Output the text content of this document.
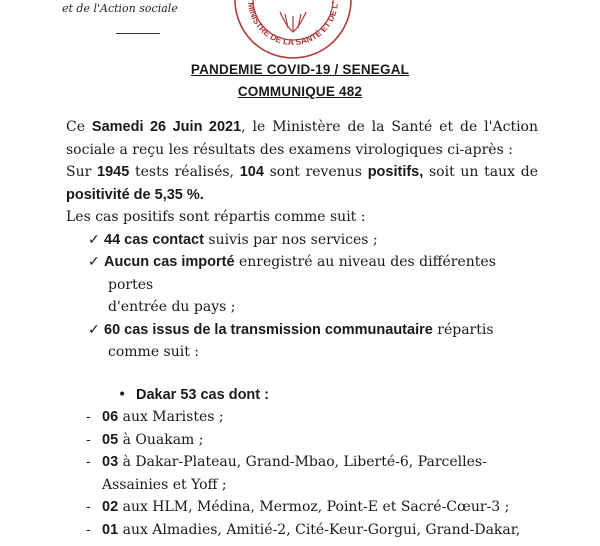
et de l'Action sociale	MINISTRE DE LA SANTÉ ET DE L'
PANDEMIE COVID-19 / SENEGAL
COMMUNIQUE 482

Ce Samedi 26 Juin 2021, le Ministère de la Santé et de l'Action sociale a reçu les résultats des examens virologiques ci-après :

Sur 1945 tests réalisés, 104 sont revenus positifs, soit un taux de positivité de 5,35 %.

Les cas positifs sont répartis comme suit :

✓ 44 cas contact suivis par nos services ;
✓ Aucun cas importé enregistré au niveau des différentes portes
d'entrée du pays ;
✓ 60 cas issus de la transmission communautaire répartis
comme suit :

• Dakar 53 cas dont :

- 06 aux Maristes ;

- 05 à Ouakam ;

- 03 à Dakar-Plateau, Grand-Mbao, Liberté-6, Parcelles-
Assainies et Yoff ;

- 02 aux HLM, Médina, Mermoz, Point-E et Sacré-Cœur-3 ;

- 01 aux Almadies, Amitié-2, Cité-Keur-Gorgui, Grand-Dakar,
